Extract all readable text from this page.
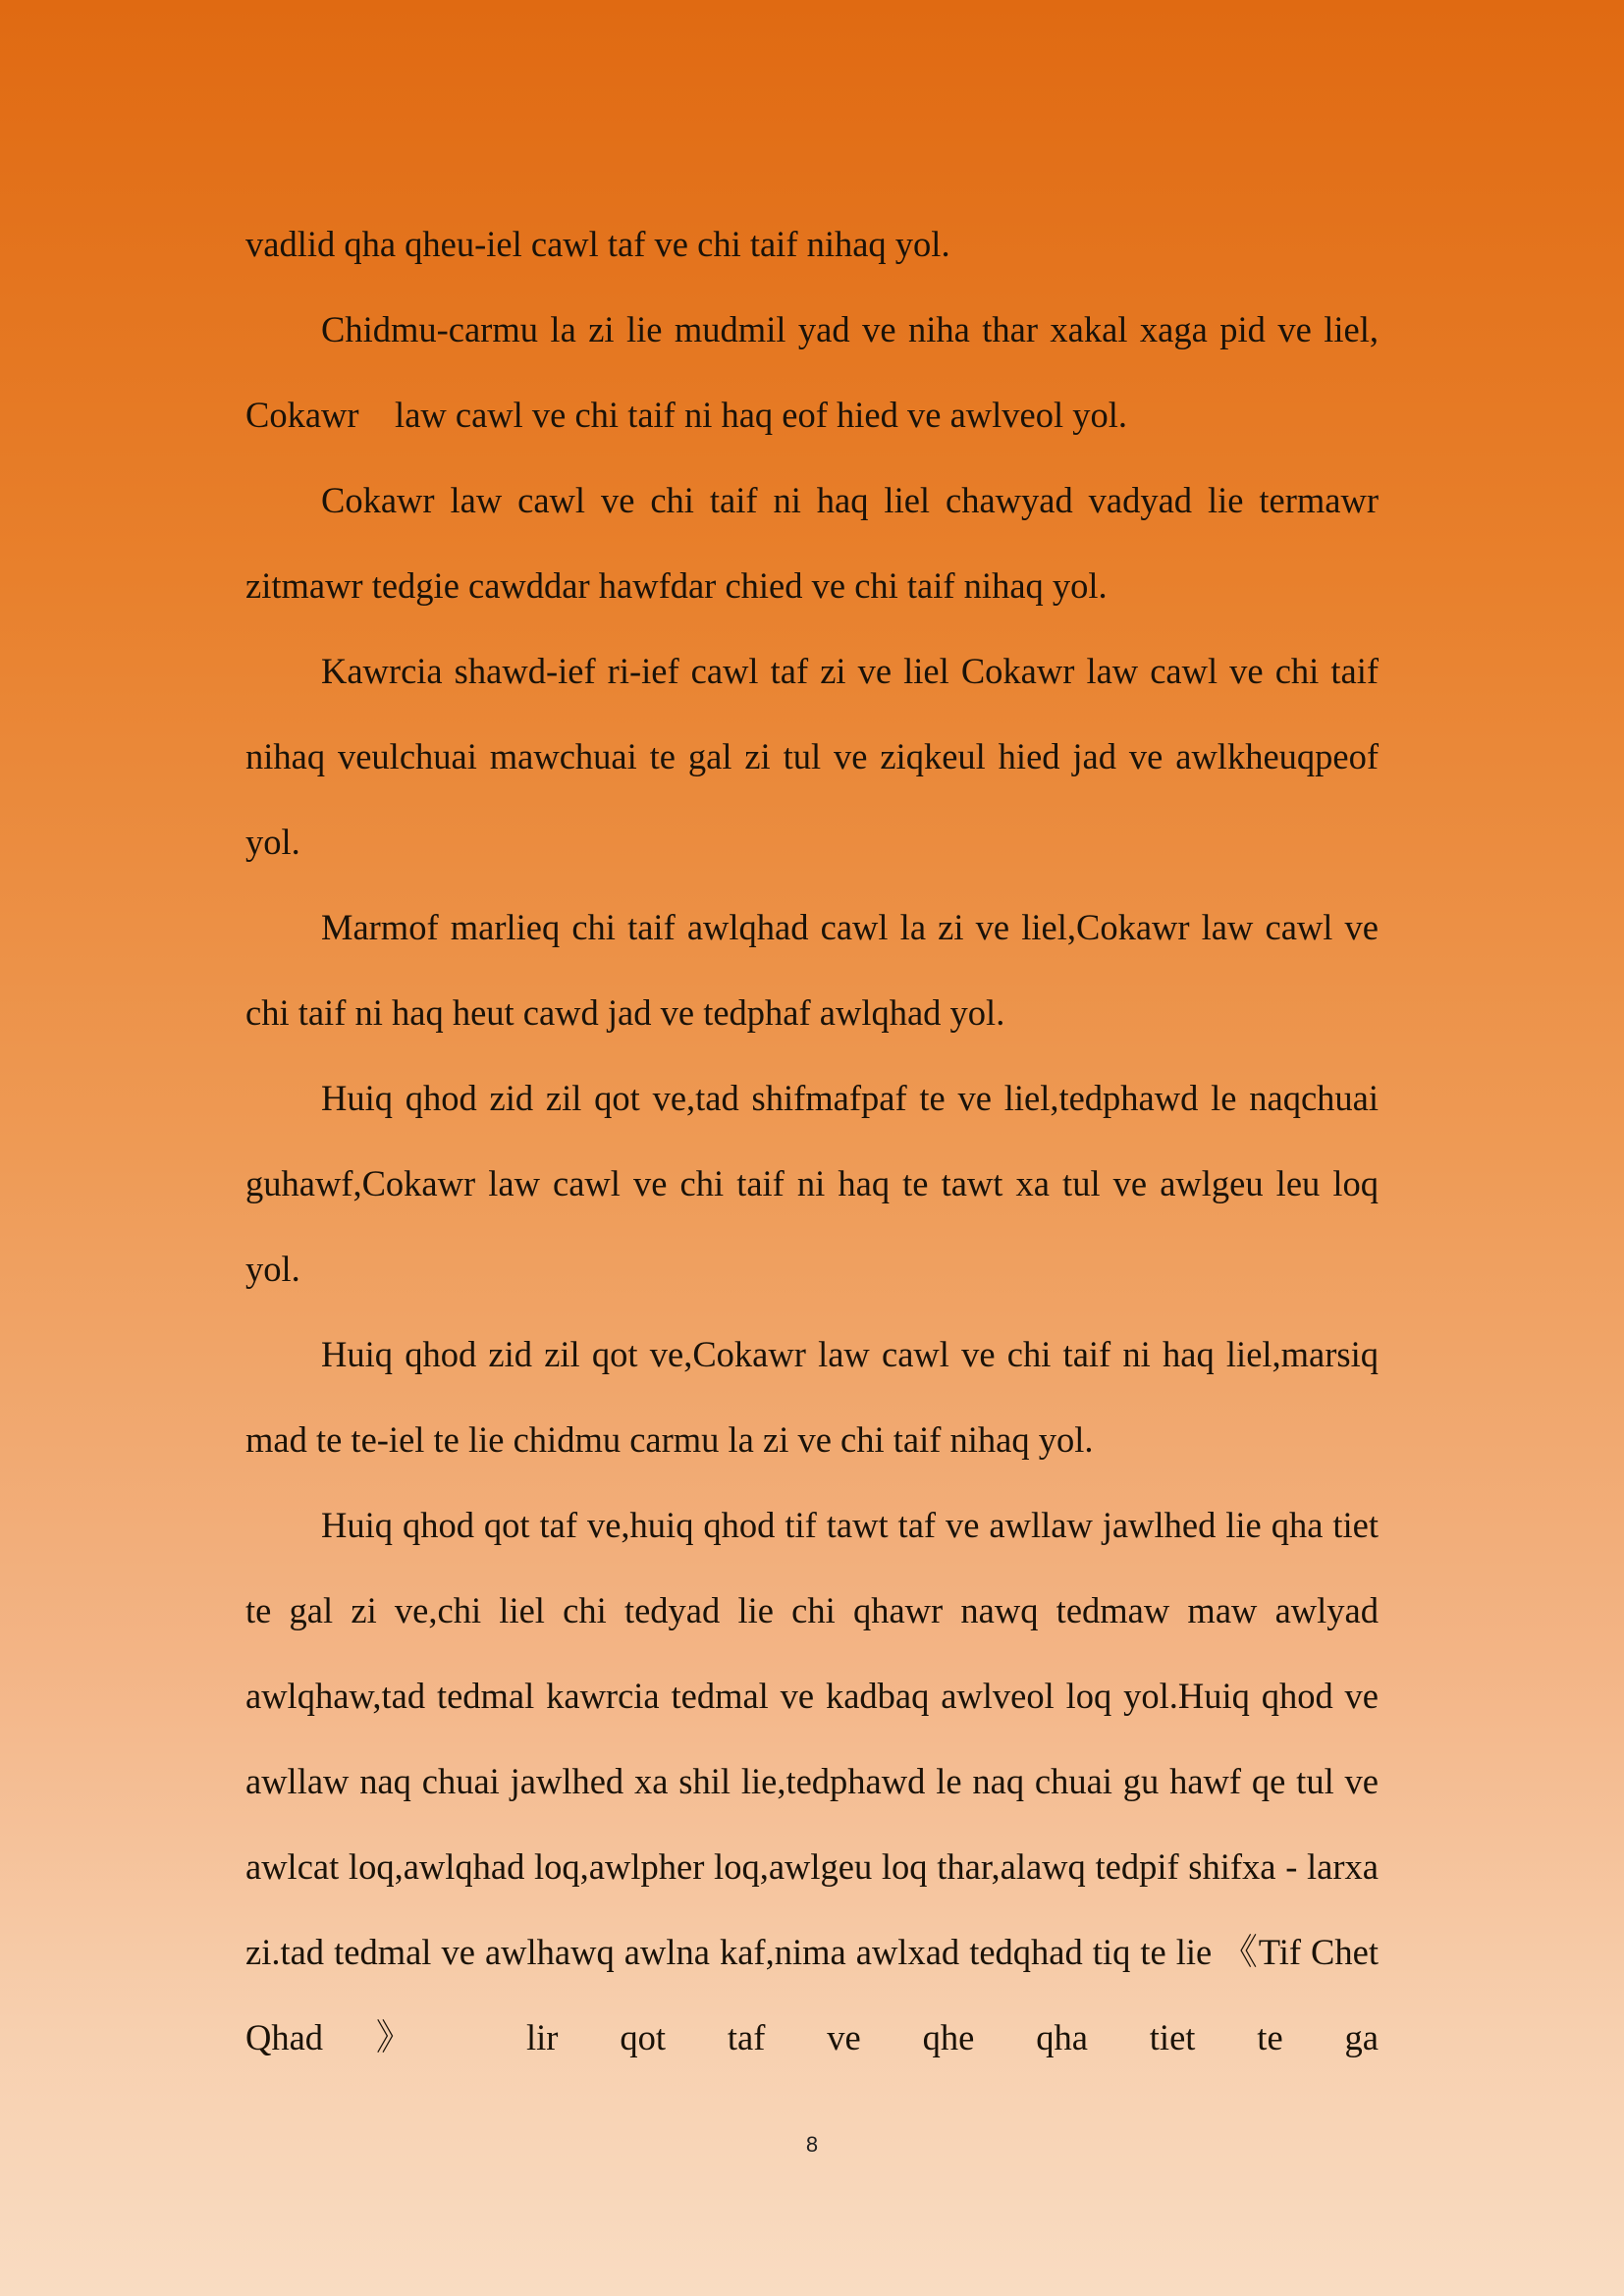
vadlid qha qheu-iel cawl taf ve chi taif nihaq yol.

Chidmu-carmu la zi lie mudmil yad ve niha thar xakal xaga pid ve liel, Cokawr law cawl ve chi taif ni haq eof hied ve awlveol yol.

Cokawr law cawl ve chi taif ni haq liel chawyad vadyad lie termawr zitmawr tedgie cawddar hawfdar chied ve chi taif nihaq yol.

Kawrcia shawd-ief ri-ief cawl taf zi ve liel Cokawr law cawl ve chi taif nihaq veulchuai mawchuai te gal zi tul ve ziqkeul hied jad ve awlkheuqpeof yol.

Marmof marlieq chi taif awlqhad cawl la zi ve liel,Cokawr law cawl ve chi taif ni haq heut cawd jad ve tedphaf awlqhad yol.

Huiq qhod zid zil qot ve,tad shifmafpaf te ve liel,tedphawd le naqchuai guhawf,Cokawr law cawl ve chi taif ni haq te tawt xa tul ve awlgeu leu loq yol.

Huiq qhod zid zil qot ve,Cokawr law cawl ve chi taif ni haq liel,marsiq mad te te-iel te lie chidmu carmu la zi ve chi taif nihaq yol.

Huiq qhod qot taf ve,huiq qhod tif tawt taf ve awllaw jawlhed lie qha tiet te gal zi ve,chi liel chi tedyad lie chi qhawr nawq tedmaw maw awlyad awlqhaw,tad tedmal kawrcia tedmal ve kadbaq awlveol loq yol.Huiq qhod ve awllaw naq chuai jawlhed xa shil lie,tedphawd le naq chuai gu hawf qe tul ve awlcat loq,awlqhad loq,awlpher loq,awlgeu loq thar,alawq tedpif shifxa - larxa zi.tad tedmal ve awlhawq awlna kaf,nima awlxad tedqhad tiq te lie 《Tif Chet Qhad》 lir qot taf ve qhe qha tiet te ga

8
